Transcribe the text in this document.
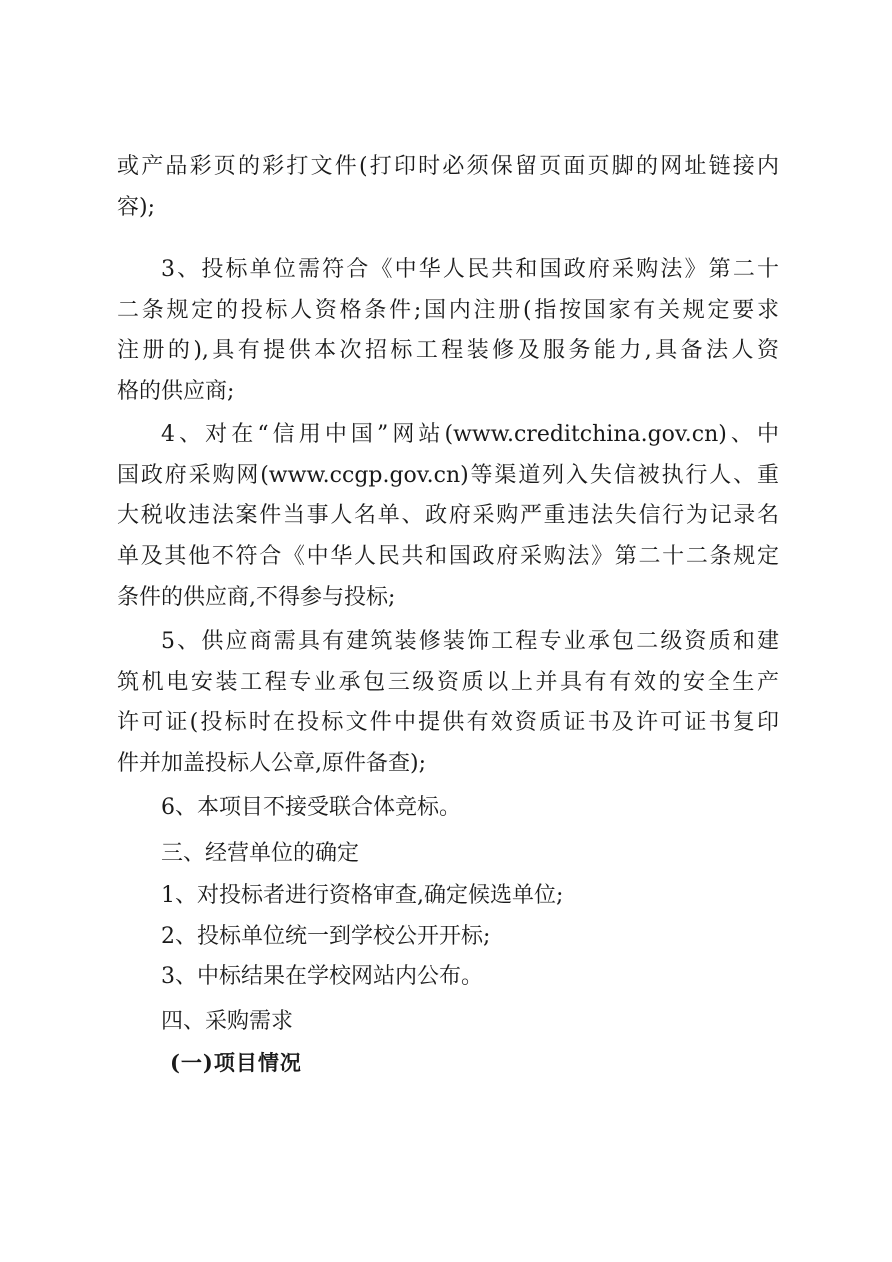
或产品彩页的彩打文件(打印时必须保留页面页脚的网址链接内
容);
3、投标单位需符合《中华人民共和国政府采购法》第二十
二条规定的投标人资格条件;国内注册(指按国家有关规定要求
注册的),具有提供本次招标工程装修及服务能力,具备法人资
格的供应商;
4、对在“信用中国”网站(www.creditchina.gov.cn)、中
国政府采购网(www.ccgp.gov.cn)等渠道列入失信被执行人、重
大税收违法案件当事人名单、政府采购严重违法失信行为记录名
单及其他不符合《中华人民共和国政府采购法》第二十二条规定
条件的供应商,不得参与投标;
5、供应商需具有建筑装修装饰工程专业承包二级资质和建
筑机电安装工程专业承包三级资质以上并具有有效的安全生产
许可证(投标时在投标文件中提供有效资质证书及许可证书复印
件并加盖投标人公章,原件备查);
6、本项目不接受联合体竞标。
三、经营单位的确定
1、对投标者进行资格审查,确定候选单位;
2、投标单位统一到学校公开开标;
3、中标结果在学校网站内公布。
四、采购需求
(一)项目情况
